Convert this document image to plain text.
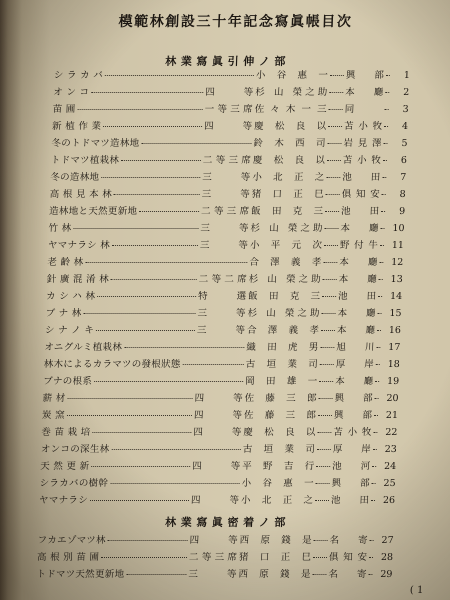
模範林創設三十年記念寫眞帳目次
林業寫眞引伸ノ部
シ ラ カ バ	小 谷 惠 一 興 部	1
オ ン コ	四 等 杉 山 榮之助 本 廳	2
苗 圃	一等三席 佐々木一三 同	3
新 植 作 業	四 等 慶 松 良 以 苫小牧	4
冬のトドマツ造林地	鈴 木 西 司 岩見澤	5
トドマツ植栽林	二等三席 慶 松 良 以 苫小牧	6
冬の造林地	三 等 小 北 正 之 池 田	7
高 根 見 本 林	三 等 猪 口 正 巳 俱知安	8
造林地と天然更新地	二等三席 飯 田 克 三 池 田	9
竹 林	三 等 杉 山 榮之助 本 廳	10
ヤマナラシ 林	三 等 小 平 元 次 野付牛	11
老 齢 林	合 澤 義 孝 本 廳	12
針 廣 混 淆 林	二等二席 杉 山 榮之助 本 廳	13
カ シ ハ 林	特 選 飯 田 克 三 池 田	14
ブ ナ 林	三 等 杉 山 榮之助 本 廳	15
シ ナ ノ キ	三 等 合 澤 義 孝 本 廳	16
オニグルミ植栽林	織 田 虎 男 旭 川	17
林木によるカラマツの發根狀態	古 垣 業 司 厚 岸	18
ブナの根系	岡 田 雄 一 本 廳	19
薪 材	四 等 佐 藤 三 郎 興 部	20
炭 窯	四 等 佐 藤 三 郎 興 部	21
巻 苗 栽 培	四 等 慶 松 良 以 苫小牧	22
オンコの深生林	古 垣 業 司 厚 岸	23
天 然 更 新	四 等 平 野 吉 行 池 河	24
シラカバの樹幹	小 谷 惠 一 興 部	25
ヤマナラシ	四 等 小 北 正 之 池 田	26
林業寫眞密着ノ部
フカエゾマツ林	四 等 西 原 錢 是 名 寄	27
高 根 別 苗 圃	二等三席 猪 口 正 巳 俱知安	28
トドマツ天然更新地	三 等 西 原 錢 是 名 寄	29
( 1
